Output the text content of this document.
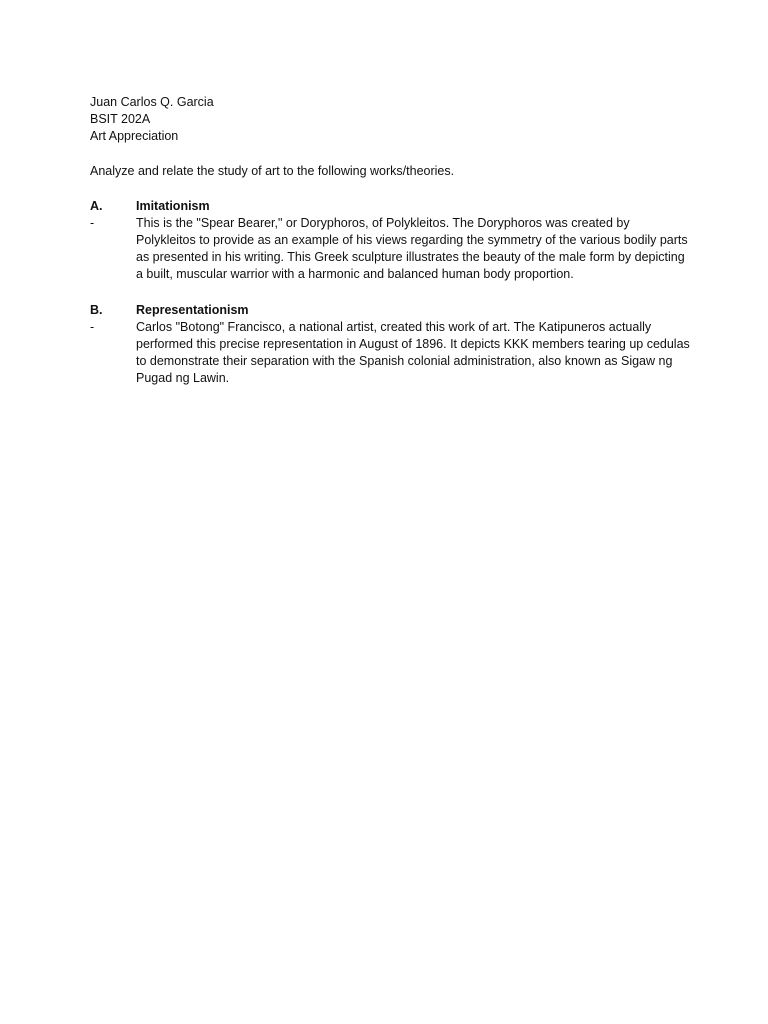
Juan Carlos Q. Garcia
BSIT 202A
Art Appreciation
Analyze and relate the study of art to the following works/theories.
A.	Imitationism
-	This is the "Spear Bearer," or Doryphoros, of Polykleitos. The Doryphoros was created by Polykleitos to provide as an example of his views regarding the symmetry of the various bodily parts as presented in his writing. This Greek sculpture illustrates the beauty of the male form by depicting a built, muscular warrior with a harmonic and balanced human body proportion.
B.	Representationism
-	Carlos "Botong" Francisco, a national artist, created this work of art. The Katipuneros actually performed this precise representation in August of 1896. It depicts KKK members tearing up cedulas to demonstrate their separation with the Spanish colonial administration, also known as Sigaw ng Pugad ng Lawin.
